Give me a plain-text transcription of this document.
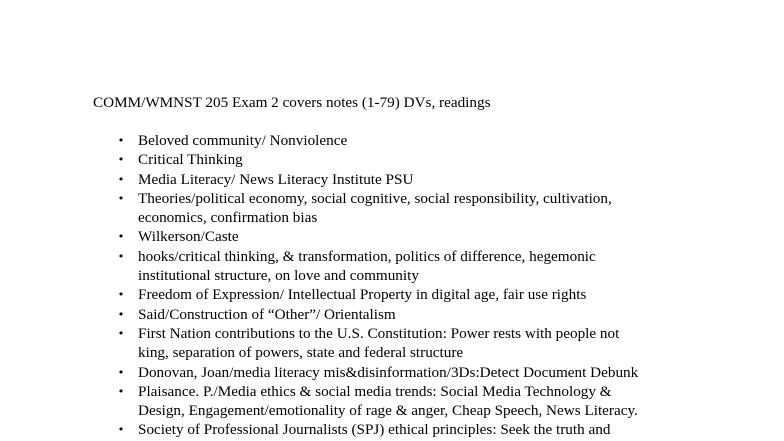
COMM/WMNST 205 Exam 2 covers notes (1-79) DVs, readings
• Beloved community/ Nonviolence
• Critical Thinking
• Media Literacy/ News Literacy Institute PSU
• Theories/political economy, social cognitive, social responsibility, cultivation,
economics, confirmation bias
• Wilkerson/Caste
• hooks/critical thinking, & transformation, politics of difference, hegemonic
institutional structure, on love and community
• Freedom of Expression/ Intellectual Property in digital age, fair use rights
• Said/Construction of “Other”/ Orientalism
• First Nation contributions to the U.S. Constitution: Power rests with people not
king, separation of powers, state and federal structure
• Donovan, Joan/media literacy mis&disinformation/3Ds:Detect Document Debunk
• Plaisance. P./Media ethics & social media trends: Social Media Technology &
Design, Engagement/emotionality of rage & anger, Cheap Speech, News Literacy.
• Society of Professional Journalists (SPJ) ethical principles: Seek the truth and
